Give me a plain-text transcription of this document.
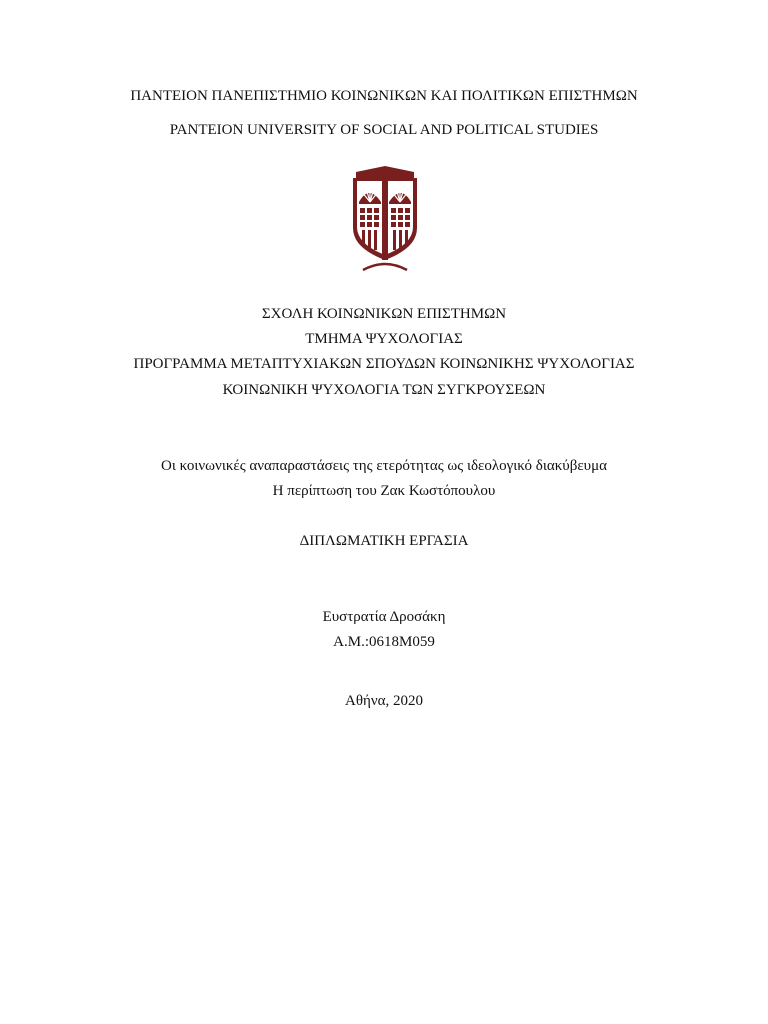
ΠΑΝΤΕΙΟΝ ΠΑΝΕΠΙΣΤΗΜΙΟ ΚΟΙΝΩΝΙΚΩΝ ΚΑΙ ΠΟΛΙΤΙΚΩΝ ΕΠΙΣΤΗΜΩΝ
PANTEION UNIVERSITY OF SOCIAL AND POLITICAL STUDIES
ΣΧΟΛΗ ΚΟΙΝΩΝΙΚΩΝ ΕΠΙΣΤΗΜΩΝ
ΤΜΗΜΑ ΨΥΧΟΛΟΓΙΑΣ
ΠΡΟΓΡΑΜΜΑ ΜΕΤΑΠΤΥΧΙΑΚΩΝ ΣΠΟΥΔΩΝ ΚΟΙΝΩΝΙΚΗΣ ΨΥΧΟΛΟΓΙΑΣ
ΚΟΙΝΩΝΙΚΗ ΨΥΧΟΛΟΓΙΑ ΤΩΝ ΣΥΓΚΡΟΥΣΕΩΝ
Οι κοινωνικές αναπαραστάσεις της ετερότητας ως ιδεολογικό διακύβευμα
Η περίπτωση του Ζακ Κωστόπουλου
ΔΙΠΛΩΜΑΤΙΚΗ ΕΡΓΑΣΙΑ
Ευστρατία Δροσάκη
Α.Μ.:0618Μ059
Αθήνα, 2020
